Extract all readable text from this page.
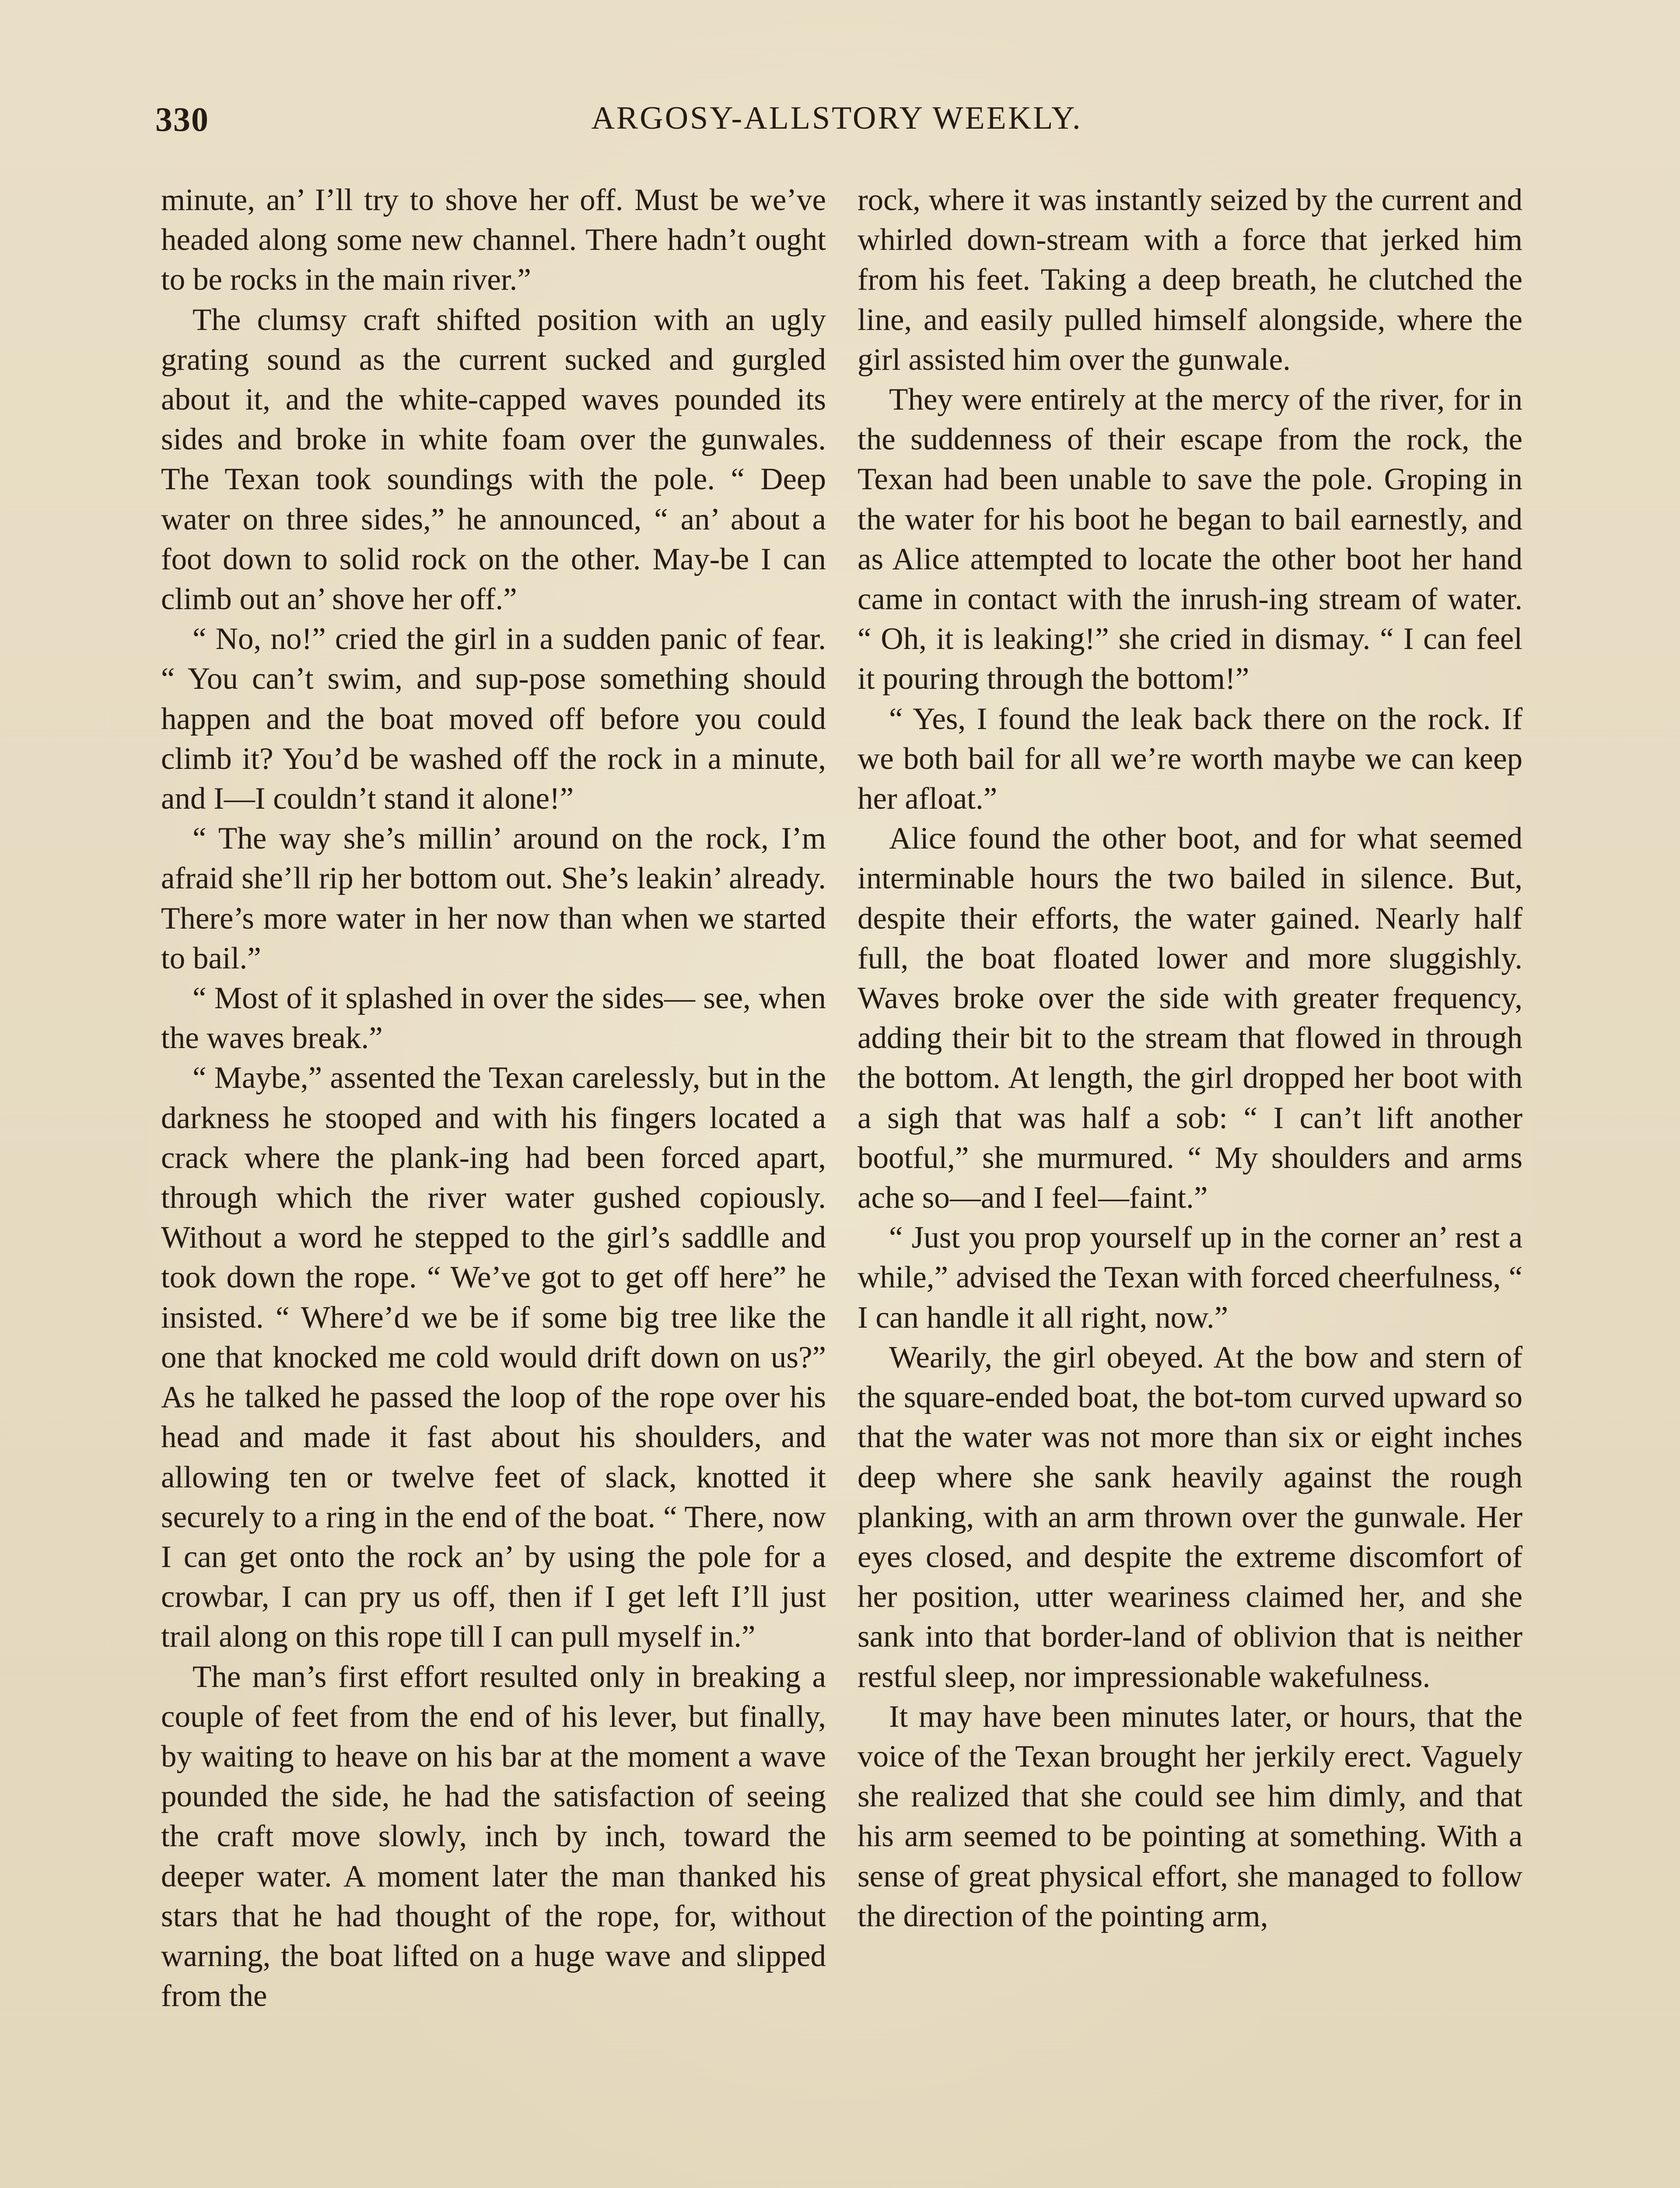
330	ARGOSY-ALLSTORY WEEKLY.

minute, an’ I’ll try to shove her off. Must be we’ve headed along some new channel. There hadn’t ought to be rocks in the main river.”

The clumsy craft shifted position with an ugly grating sound as the current sucked and gurgled about it, and the white-capped waves pounded its sides and broke in white foam over the gunwales. The Texan took soundings with the pole. “ Deep water on three sides,” he announced, “ an’ about a foot down to solid rock on the other. May-be I can climb out an’ shove her off.”

“ No, no!” cried the girl in a sudden panic of fear. “ You can’t swim, and sup-pose something should happen and the boat moved off before you could climb it? You’d be washed off the rock in a minute, and I—I couldn’t stand it alone!”

“ The way she’s millin’ around on the rock, I’m afraid she’ll rip her bottom out. She’s leakin’ already. There’s more water in her now than when we started to bail.”

“ Most of it splashed in over the sides— see, when the waves break.”

“ Maybe,” assented the Texan carelessly, but in the darkness he stooped and with his fingers located a crack where the plank-ing had been forced apart, through which the river water gushed copiously. Without a word he stepped to the girl’s saddlle and took down the rope. “ We’ve got to get off here” he insisted. “ Where’d we be if some big tree like the one that knocked me cold would drift down on us?” As he talked he passed the loop of the rope over his head and made it fast about his shoulders, and allowing ten or twelve feet of slack, knotted it securely to a ring in the end of the boat. “ There, now I can get onto the rock an’ by using the pole for a crowbar, I can pry us off, then if I get left I’ll just trail along on this rope till I can pull myself in.”

The man’s first effort resulted only in breaking a couple of feet from the end of his lever, but finally, by waiting to heave on his bar at the moment a wave pounded the side, he had the satisfaction of seeing the craft move slowly, inch by inch, toward the deeper water. A moment later the man thanked his stars that he had thought of the rope, for, without warning, the boat lifted on a huge wave and slipped from the

rock, where it was instantly seized by the current and whirled down-stream with a force that jerked him from his feet. Taking a deep breath, he clutched the line, and easily pulled himself alongside, where the girl assisted him over the gunwale.

They were entirely at the mercy of the river, for in the suddenness of their escape from the rock, the Texan had been unable to save the pole. Groping in the water for his boot he began to bail earnestly, and as Alice attempted to locate the other boot her hand came in contact with the inrush-ing stream of water. “ Oh, it is leaking!” she cried in dismay. “ I can feel it pouring through the bottom!”

“ Yes, I found the leak back there on the rock. If we both bail for all we’re worth maybe we can keep her afloat.”

Alice found the other boot, and for what seemed interminable hours the two bailed in silence. But, despite their efforts, the water gained. Nearly half full, the boat floated lower and more sluggishly. Waves broke over the side with greater frequency, adding their bit to the stream that flowed in through the bottom. At length, the girl dropped her boot with a sigh that was half a sob: “ I can’t lift another bootful,” she murmured. “ My shoulders and arms ache so—and I feel—faint.”

“ Just you prop yourself up in the corner an’ rest a while,” advised the Texan with forced cheerfulness, “ I can handle it all right, now.”

Wearily, the girl obeyed. At the bow and stern of the square-ended boat, the bot-tom curved upward so that the water was not more than six or eight inches deep where she sank heavily against the rough planking, with an arm thrown over the gunwale. Her eyes closed, and despite the extreme discomfort of her position, utter weariness claimed her, and she sank into that border-land of oblivion that is neither restful sleep, nor impressionable wakefulness.

It may have been minutes later, or hours, that the voice of the Texan brought her jerkily erect. Vaguely she realized that she could see him dimly, and that his arm seemed to be pointing at something. With a sense of great physical effort, she managed to follow the direction of the pointing arm,
